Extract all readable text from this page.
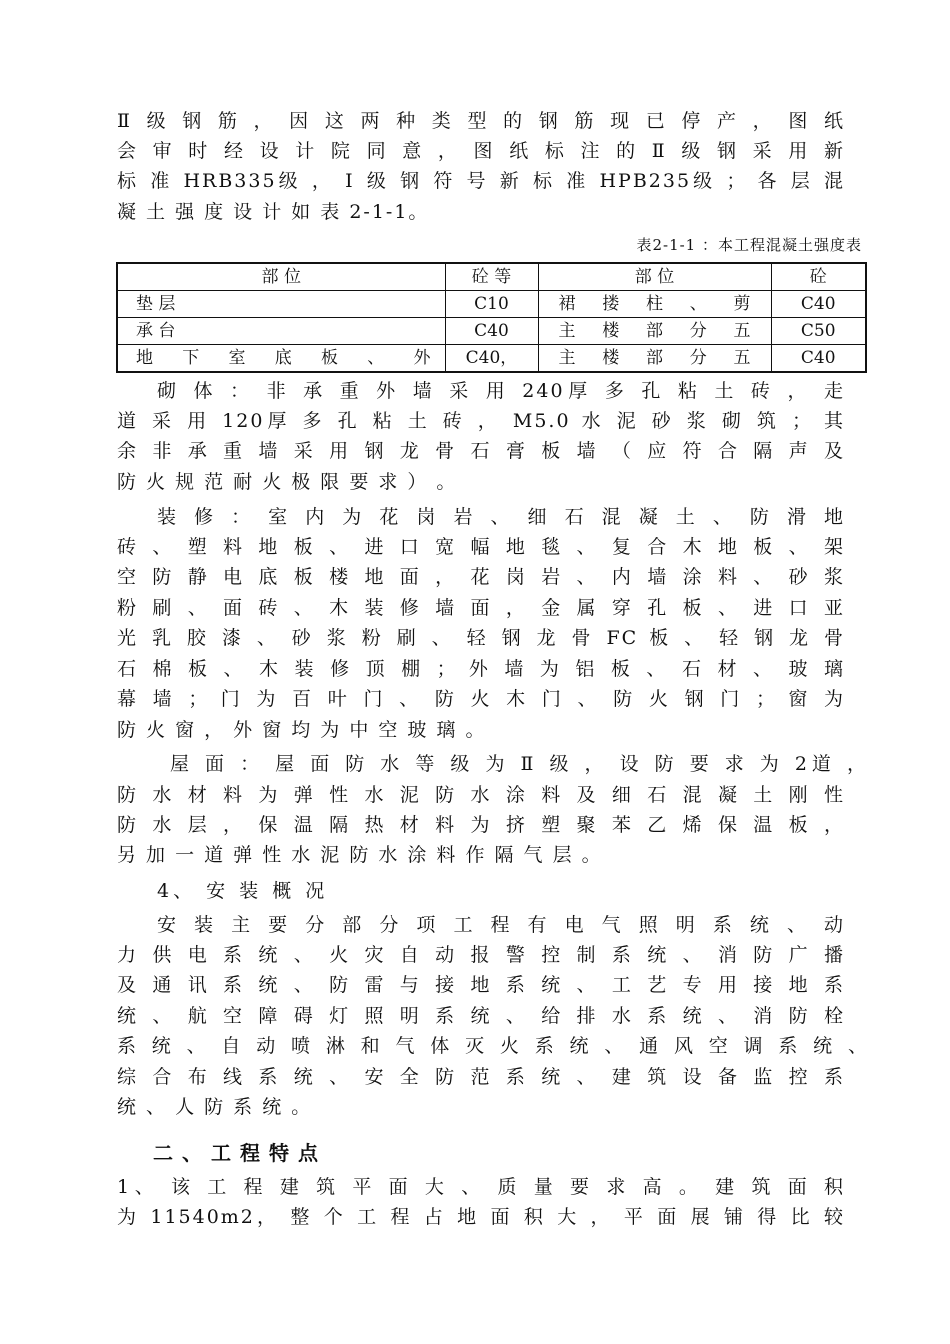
Ⅱ 级 钢 筋 ， 因 这 两 种 类 型 的 钢 筋 现 已 停 产 ， 图 纸
会 审 时 经 设 计 院 同 意 ， 图 纸 标 注 的 Ⅱ 级 钢 采 用 新
标 准 HRB335级 ， Ⅰ 级 钢 符 号 新 标 准 HPB235级 ； 各 层 混
凝 土 强 度 设 计 如 表 2-1-1。
表2-1-1 ：本工程混凝土强度表
部 位	砼 等	部 位	砼
垫 层	C10	裙 搂 柱 、 剪	C40
承 台	C40	主 楼 部 分 五	C50
地 下 室 底 板 、 外	C40，	主 楼 部 分 五	C40
砌 体 ： 非 承 重 外 墙 采 用 240厚 多 孔 粘 土 砖 ， 走
道 采 用 120厚 多 孔 粘 土 砖 ， M5.0 水 泥 砂 浆 砌 筑 ； 其
余 非 承 重 墙 采 用 钢 龙 骨 石 膏 板 墙 （ 应 符 合 隔 声 及
防 火 规 范 耐 火 极 限 要 求 ） 。
装 修 ： 室 内 为 花 岗 岩 、 细 石 混 凝 土 、 防 滑 地
砖 、 塑 料 地 板 、 进 口 宽 幅 地 毯 、 复 合 木 地 板 、 架
空 防 静 电 底 板 楼 地 面 ， 花 岗 岩 、 内 墙 涂 料 、 砂 浆
粉 刷 、 面 砖 、 木 装 修 墙 面 ， 金 属 穿 孔 板 、 进 口 亚
光 乳 胶 漆 、 砂 浆 粉 刷 、 轻 钢 龙 骨 FC 板 、 轻 钢 龙 骨
石 棉 板 、 木 装 修 顶 棚 ； 外 墙 为 铝 板 、 石 材 、 玻 璃
幕 墙 ； 门 为 百 叶 门 、 防 火 木 门 、 防 火 钢 门 ； 窗 为
防 火 窗 ， 外 窗 均 为 中 空 玻 璃 。
屋 面 ： 屋 面 防 水 等 级 为 Ⅱ 级 ， 设 防 要 求 为 2道 ，
防 水 材 料 为 弹 性 水 泥 防 水 涂 料 及 细 石 混 凝 土 刚 性
防 水 层 ， 保 温 隔 热 材 料 为 挤 塑 聚 苯 乙 烯 保 温 板 ，
另 加 一 道 弹 性 水 泥 防 水 涂 料 作 隔 气 层 。
4、 安 装 概 况
安 装 主 要 分 部 分 项 工 程 有 电 气 照 明 系 统 、 动
力 供 电 系 统 、 火 灾 自 动 报 警 控 制 系 统 、 消 防 广 播
及 通 讯 系 统 、 防 雷 与 接 地 系 统 、 工 艺 专 用 接 地 系
统 、 航 空 障 碍 灯 照 明 系 统 、 给 排 水 系 统 、 消 防 栓
系 统 、 自 动 喷 淋 和 气 体 灭 火 系 统 、 通 风 空 调 系 统 、
综 合 布 线 系 统 、 安 全 防 范 系 统 、 建 筑 设 备 监 控 系
统 、 人 防 系 统 。
二、工程特点
1、 该 工 程 建 筑 平 面 大 、 质 量 要 求 高 。 建 筑 面 积
为 11540m2， 整 个 工 程 占 地 面 积 大 ， 平 面 展 铺 得 比 较
